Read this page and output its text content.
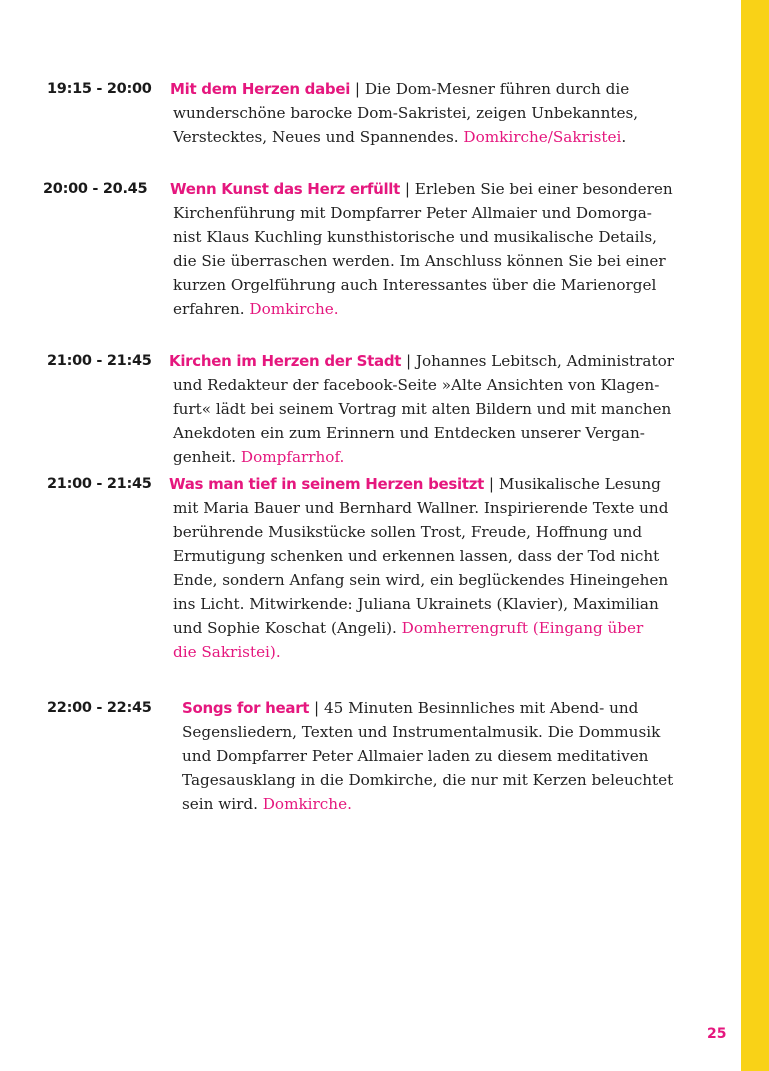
19:15 - 20:00 Mit dem Herzen dabei | Die Dom-Mesner führen durch die
wunderschöne barocke Dom-Sakristei, zeigen Unbekanntes,
Verstecktes, Neues und Spannendes. Domkirche/Sakristei.
20:00 - 20.45 Wenn Kunst das Herz erfüllt | Erleben Sie bei einer besonderen
Kirchenführung mit Dompfarrer Peter Allmaier und Domorga-
nist Klaus Kuchling kunsthistorische und musikalische Details,
die Sie überraschen werden. Im Anschluss können Sie bei einer
kurzen Orgelführung auch Interessantes über die Marienorgel
erfahren. Domkirche.
21:00 - 21:45 Kirchen im Herzen der Stadt | Johannes Lebitsch, Administrator
und Redakteur der facebook-Seite »Alte Ansichten von Klagen-
furt« lädt bei seinem Vortrag mit alten Bildern und mit manchen
Anekdoten ein zum Erinnern und Entdecken unserer Vergan-
genheit. Dompfarrhof.
21:00 - 21:45 Was man tief in seinem Herzen besitzt | Musikalische Lesung
mit Maria Bauer und Bernhard Wallner. Inspirierende Texte und
berührende Musikstücke sollen Trost, Freude, Hoffnung und
Ermutigung schenken und erkennen lassen, dass der Tod nicht
Ende, sondern Anfang sein wird, ein beglückendes Hineingehen
ins Licht. Mitwirkende: Juliana Ukrainets (Klavier), Maximilian
und Sophie Koschat (Angeli). Domherrengruft (Eingang über
die Sakristei).
22:00 - 22:45 Songs for heart | 45 Minuten Besinnliches mit Abend- und
Segensliedern, Texten und Instrumentalmusik. Die Dommusik
und Dompfarrer Peter Allmaier laden zu diesem meditativen
Tagesausklang in die Domkirche, die nur mit Kerzen beleuchtet
sein wird. Domkirche.
25
